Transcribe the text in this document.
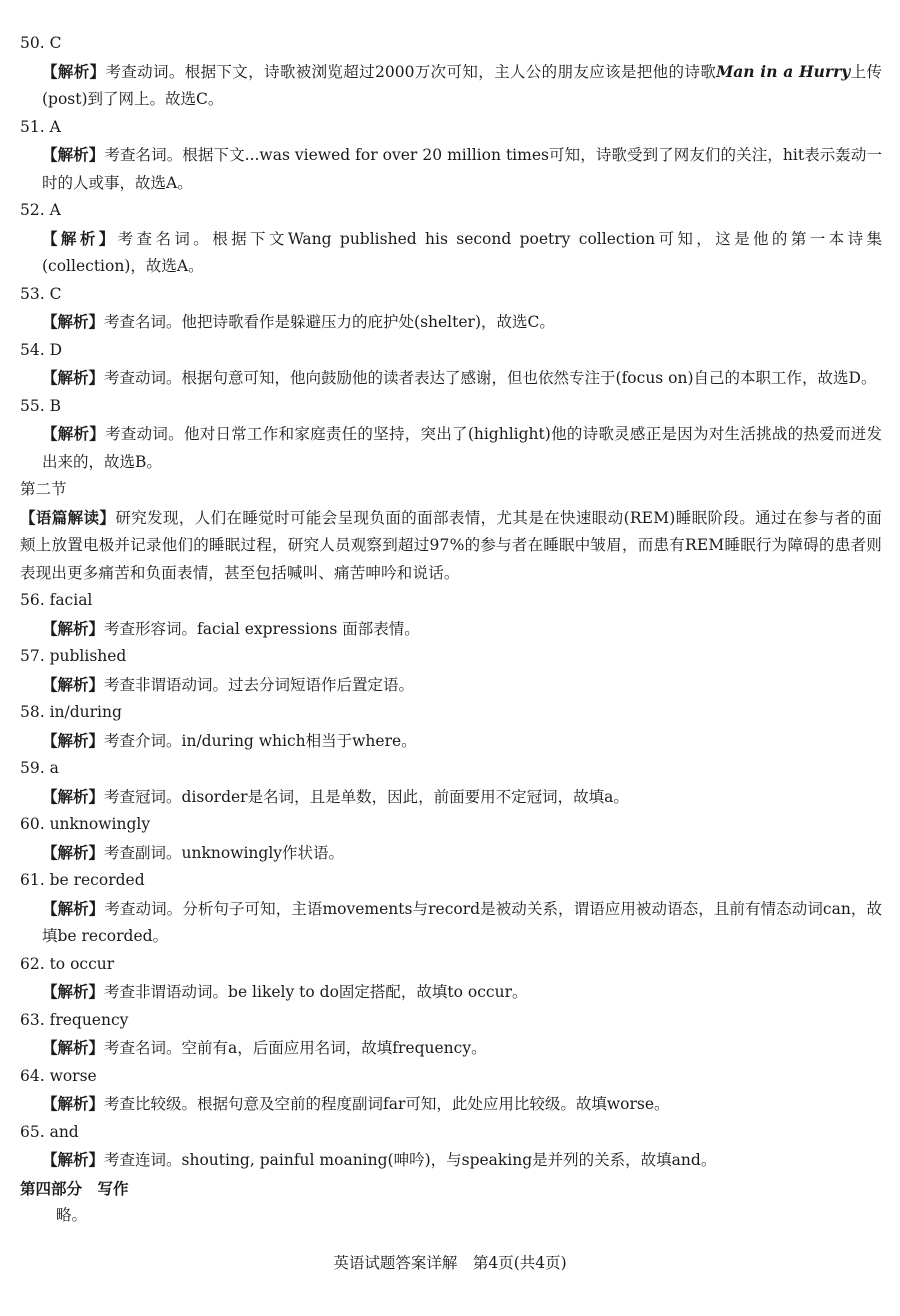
50. C
【解析】考查动词。根据下文，诗歌被浏览超过2000万次可知，主人公的朋友应该是把他的诗歌Man in a Hurry上传(post)到了网上。故选C。
51. A
【解析】考查名词。根据下文...was viewed for over 20 million times可知，诗歌受到了网友们的关注，hit表示轰动一时的人或事，故选A。
52. A
【解析】考查名词。根据下文Wang published his second poetry collection可知，这是他的第一本诗集(collection)，故选A。
53. C
【解析】考查名词。他把诗歌看作是躲避压力的庇护处(shelter)，故选C。
54. D
【解析】考查动词。根据句意可知，他向鼓励他的读者表达了感谢，但也依然专注于(focus on)自己的本职工作，故选D。
55. B
【解析】考查动词。他对日常工作和家庭责任的坚持，突出了(highlight)他的诗歌灵感正是因为对生活挑战的热爱而迸发出来的，故选B。
第二节
【语篇解读】研究发现，人们在睡觉时可能会呈现负面的面部表情，尤其是在快速眼动(REM)睡眠阶段。通过在参与者的面颊上放置电极并记录他们的睡眠过程，研究人员观察到超过97%的参与者在睡眠中皱眉，而患有REM睡眠行为障碍的患者则表现出更多痛苦和负面表情，甚至包括喊叫、痛苦呻吟和说话。
56. facial
【解析】考查形容词。facial expressions 面部表情。
57. published
【解析】考查非谓语动词。过去分词短语作后置定语。
58. in/during
【解析】考查介词。in/during which相当于where。
59. a
【解析】考查冠词。disorder是名词，且是单数，因此，前面要用不定冠词，故填a。
60. unknowingly
【解析】考查副词。unknowingly作状语。
61. be recorded
【解析】考查动词。分析句子可知，主语movements与record是被动关系，谓语应用被动语态，且前有情态动词can，故填be recorded。
62. to occur
【解析】考查非谓语动词。be likely to do固定搭配，故填to occur。
63. frequency
【解析】考查名词。空前有a，后面应用名词，故填frequency。
64. worse
【解析】考查比较级。根据句意及空前的程度副词far可知，此处应用比较级。故填worse。
65. and
【解析】考查连词。shouting, painful moaning(呻吟)，与speaking是并列的关系，故填and。
第四部分　写作
略。
英语试题答案详解　第4页(共4页)
